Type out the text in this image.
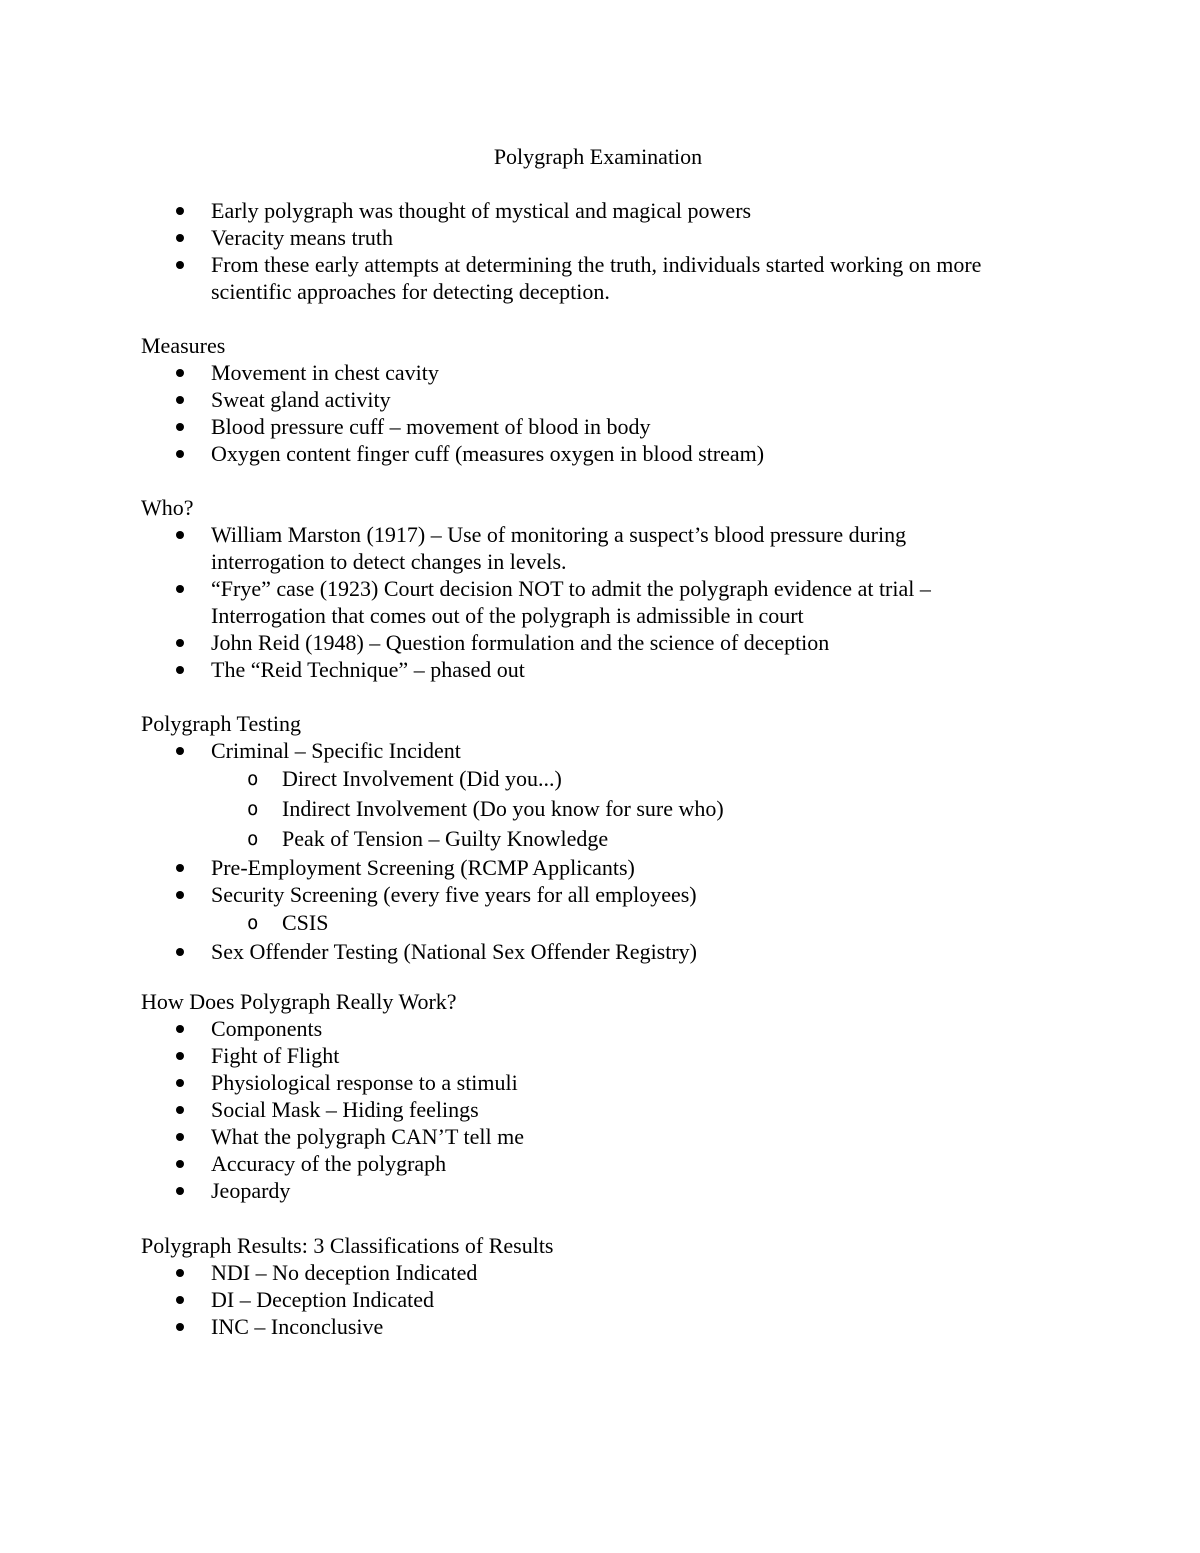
Polygraph Examination
Early polygraph was thought of mystical and magical powers
Veracity means truth
From these early attempts at determining the truth, individuals started working on more scientific approaches for detecting deception.
Measures
Movement in chest cavity
Sweat gland activity
Blood pressure cuff – movement of blood in body
Oxygen content finger cuff (measures oxygen in blood stream)
Who?
William Marston (1917) – Use of monitoring a suspect’s blood pressure during interrogation to detect changes in levels.
“Frye” case (1923) Court decision NOT to admit the polygraph evidence at trial – Interrogation that comes out of the polygraph is admissible in court
John Reid (1948) – Question formulation and the science of deception
The “Reid Technique” – phased out
Polygraph Testing
Criminal – Specific Incident
o Direct Involvement (Did you...)
o Indirect Involvement (Do you know for sure who)
o Peak of Tension – Guilty Knowledge
Pre-Employment Screening (RCMP Applicants)
Security Screening (every five years for all employees)
o CSIS
Sex Offender Testing (National Sex Offender Registry)
How Does Polygraph Really Work?
Components
Fight of Flight
Physiological response to a stimuli
Social Mask – Hiding feelings
What the polygraph CAN’T tell me
Accuracy of the polygraph
Jeopardy
Polygraph Results: 3 Classifications of Results
NDI – No deception Indicated
DI – Deception Indicated
INC – Inconclusive
